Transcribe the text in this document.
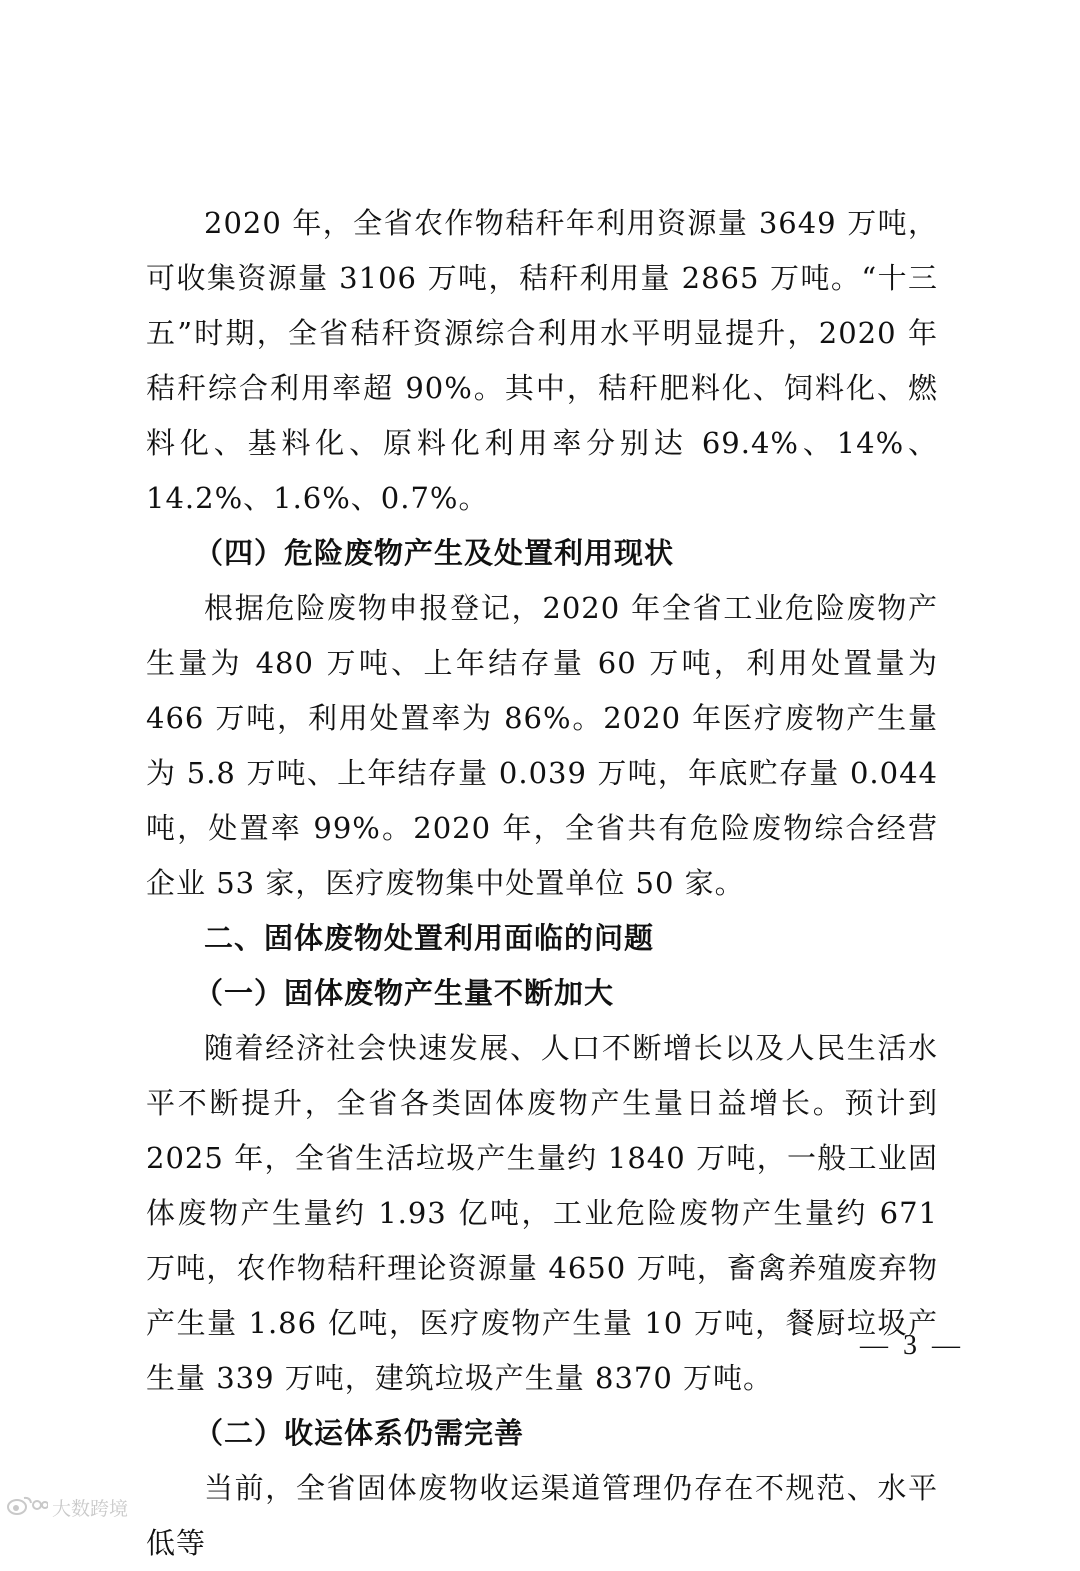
2020 年，全省农作物秸秆年利用资源量 3649 万吨，可收集资源量 3106 万吨，秸秆利用量 2865 万吨。“十三五”时期，全省秸秆资源综合利用水平明显提升，2020 年秸秆综合利用率超 90%。其中，秸秆肥料化、饲料化、燃料化、基料化、原料化利用率分别达 69.4%、14%、14.2%、1.6%、0.7%。

（四）危险废物产生及处置利用现状

根据危险废物申报登记，2020 年全省工业危险废物产生量为 480 万吨、上年结存量 60 万吨，利用处置量为 466 万吨，利用处置率为 86%。2020 年医疗废物产生量为 5.8 万吨、上年结存量 0.039 万吨，年底贮存量 0.044 吨，处置率 99%。2020 年，全省共有危险废物综合经营企业 53 家，医疗废物集中处置单位 50 家。

二、固体废物处置利用面临的问题

（一）固体废物产生量不断加大

随着经济社会快速发展、人口不断增长以及人民生活水平不断提升，全省各类固体废物产生量日益增长。预计到 2025 年，全省生活垃圾产生量约 1840 万吨，一般工业固体废物产生量约 1.93 亿吨，工业危险废物产生量约 671 万吨，农作物秸秆理论资源量 4650 万吨，畜禽养殖废弃物产生量 1.86 亿吨，医疗废物产生量 10 万吨，餐厨垃圾产生量 339 万吨，建筑垃圾产生量 8370 万吨。

（二）收运体系仍需完善

当前，全省固体废物收运渠道管理仍存在不规范、水平低等

— 3 —
大数跨境
